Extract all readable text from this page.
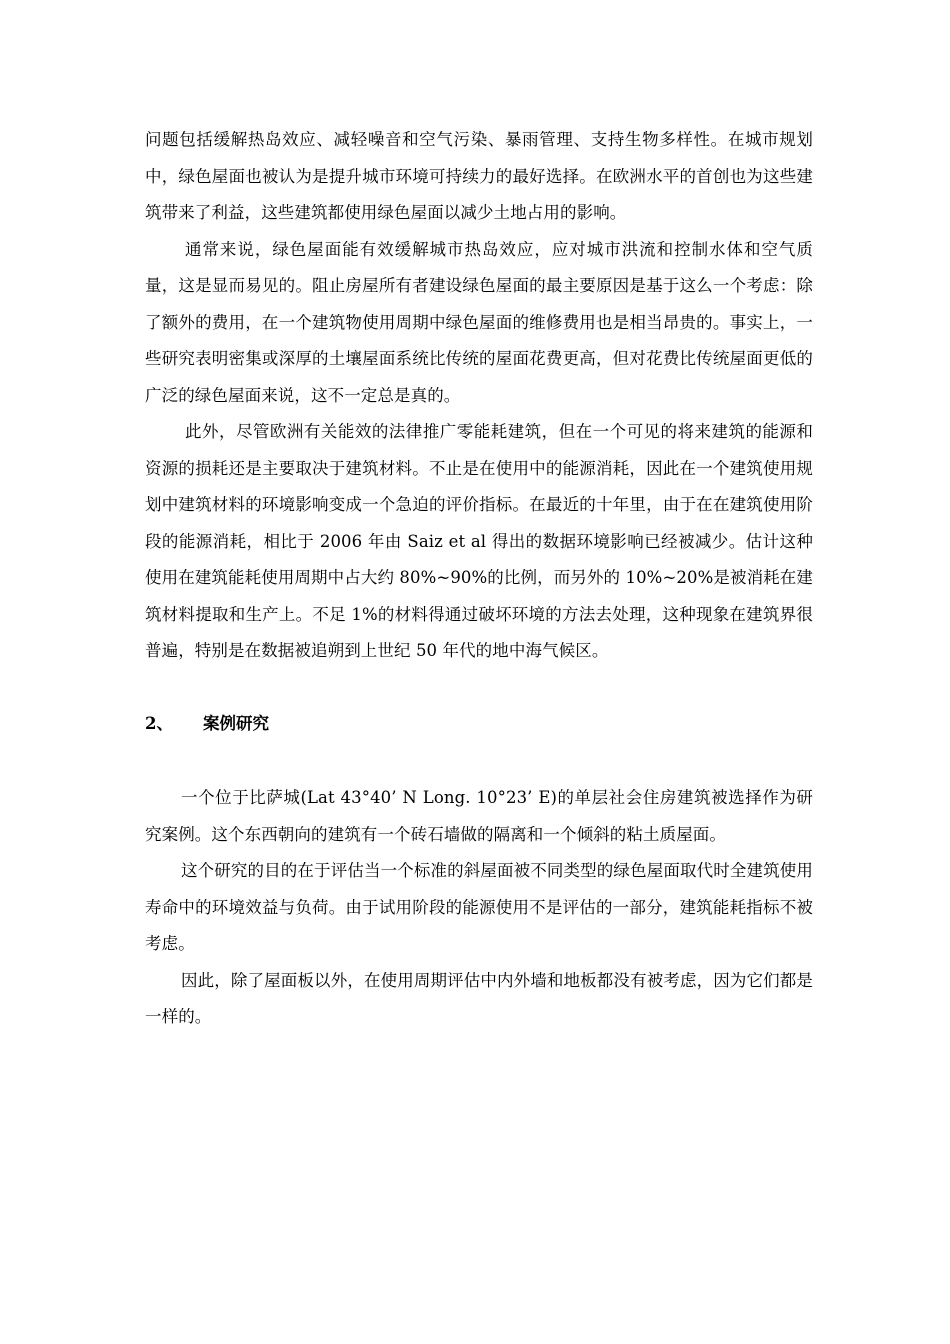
问题包括缓解热岛效应、减轻噪音和空气污染、暴雨管理、支持生物多样性。在城市规划中，绿色屋面也被认为是提升城市环境可持续力的最好选择。在欧洲水平的首创也为这些建筑带来了利益，这些建筑都使用绿色屋面以减少土地占用的影响。

通常来说，绿色屋面能有效缓解城市热岛效应，应对城市洪流和控制水体和空气质量，这是显而易见的。阻止房屋所有者建设绿色屋面的最主要原因是基于这么一个考虑：除了额外的费用，在一个建筑物使用周期中绿色屋面的维修费用也是相当昂贵的。事实上，一些研究表明密集或深厚的土壤屋面系统比传统的屋面花费更高，但对花费比传统屋面更低的广泛的绿色屋面来说，这不一定总是真的。

此外，尽管欧洲有关能效的法律推广零能耗建筑，但在一个可见的将来建筑的能源和资源的损耗还是主要取决于建筑材料。不止是在使用中的能源消耗，因此在一个建筑使用规划中建筑材料的环境影响变成一个急迫的评价指标。在最近的十年里，由于在在建筑使用阶段的能源消耗，相比于 2006 年由 Saiz et al 得出的数据环境影响已经被减少。估计这种使用在建筑能耗使用周期中占大约 80%~90%的比例，而另外的 10%~20%是被消耗在建筑材料提取和生产上。不足 1%的材料得通过破坏环境的方法去处理，这种现象在建筑界很普遍，特别是在数据被追朔到上世纪 50 年代的地中海气候区。

2、	案例研究

一个位于比萨城(Lat 43°40’ N Long. 10°23’ E)的单层社会住房建筑被选择作为研究案例。这个东西朝向的建筑有一个砖石墙做的隔离和一个倾斜的粘土质屋面。

这个研究的目的在于评估当一个标准的斜屋面被不同类型的绿色屋面取代时全建筑使用寿命中的环境效益与负荷。由于试用阶段的能源使用不是评估的一部分，建筑能耗指标不被考虑。

因此，除了屋面板以外，在使用周期评估中内外墙和地板都没有被考虑，因为它们都是一样的。
